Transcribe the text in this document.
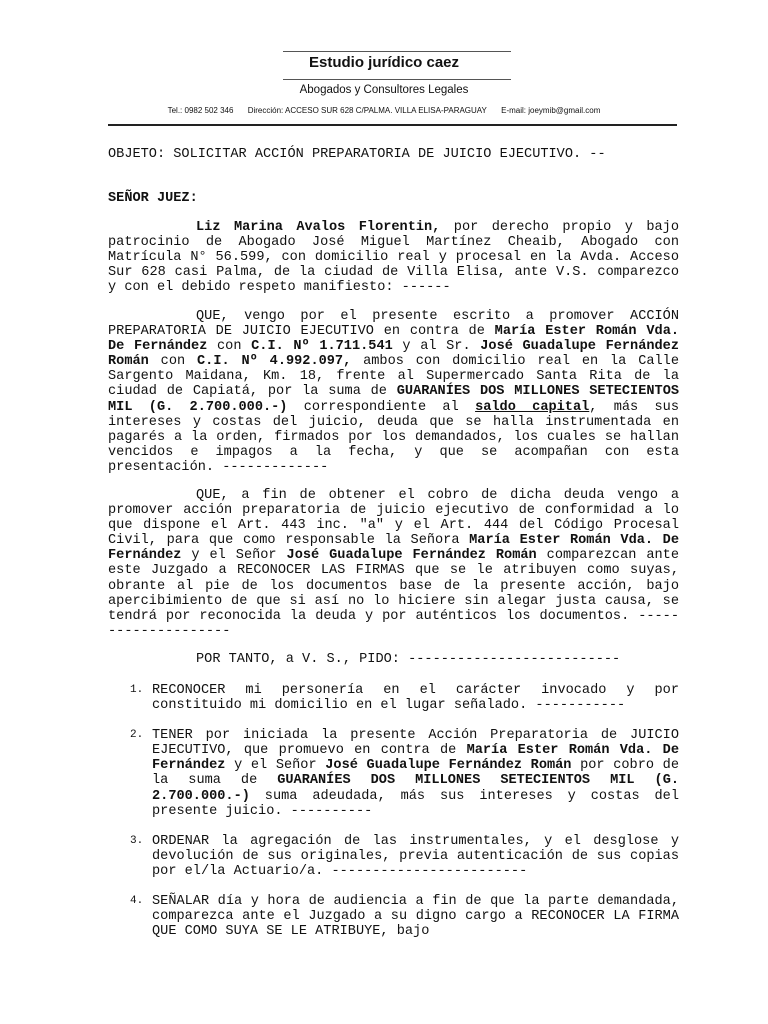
Estudio jurídico caez
Abogados y Consultores Legales
Tel.: 0982 502 346 Dirección: ACCESO SUR 628 C/PALMA. VILLA ELISA-PARAGUAY E-mail: joeymib@gmail.com
OBJETO: SOLICITAR ACCIÓN PREPARATORIA DE JUICIO EJECUTIVO. --
SEÑOR JUEZ:
Liz Marina Avalos Florentin, por derecho propio y bajo patrocinio de Abogado José Miguel Martínez Cheaib, Abogado con Matrícula N° 56.599, con domicilio real y procesal en la Avda. Acceso Sur 628 casi Palma, de la ciudad de Villa Elisa, ante V.S. comparezco y con el debido respeto manifiesto: ------
QUE, vengo por el presente escrito a promover ACCIÓN PREPARATORIA DE JUICIO EJECUTIVO en contra de María Ester Román Vda. De Fernández con C.I. Nº 1.711.541 y al Sr. José Guadalupe Fernández Román con C.I. Nº 4.992.097, ambos con domicilio real en la Calle Sargento Maidana, Km. 18, frente al Supermercado Santa Rita de la ciudad de Capiatá, por la suma de GUARANÍES DOS MILLONES SETECIENTOS MIL (G. 2.700.000.-) correspondiente al saldo capital, más sus intereses y costas del juicio, deuda que se halla instrumentada en pagarés a la orden, firmados por los demandados, los cuales se hallan vencidos e impagos a la fecha, y que se acompañan con esta presentación. -------------
QUE, a fin de obtener el cobro de dicha deuda vengo a promover acción preparatoria de juicio ejecutivo de conformidad a lo que dispone el Art. 443 inc. "a" y el Art. 444 del Código Procesal Civil, para que como responsable la Señora María Ester Román Vda. De Fernández y el Señor José Guadalupe Fernández Román comparezcan ante este Juzgado a RECONOCER LAS FIRMAS que se le atribuyen como suyas, obrante al pie de los documentos base de la presente acción, bajo apercibimiento de que si así no lo hiciere sin alegar justa causa, se tendrá por reconocida la deuda y por auténticos los documentos. --------------------
POR TANTO, a V. S., PIDO: --------------------------
1. RECONOCER mi personería en el carácter invocado y por constituido mi domicilio en el lugar señalado. -----------
2. TENER por iniciada la presente Acción Preparatoria de JUICIO EJECUTIVO, que promuevo en contra de María Ester Román Vda. De Fernández y el Señor José Guadalupe Fernández Román por cobro de la suma de GUARANÍES DOS MILLONES SETECIENTOS MIL (G. 2.700.000.-) suma adeudada, más sus intereses y costas del presente juicio. ----------
3. ORDENAR la agregación de las instrumentales, y el desglose y devolución de sus originales, previa autenticación de sus copias por el/la Actuario/a. ------------------------
4. SEÑALAR día y hora de audiencia a fin de que la parte demandada, comparezca ante el Juzgado a su digno cargo a RECONOCER LA FIRMA QUE COMO SUYA SE LE ATRIBUYE, bajo
